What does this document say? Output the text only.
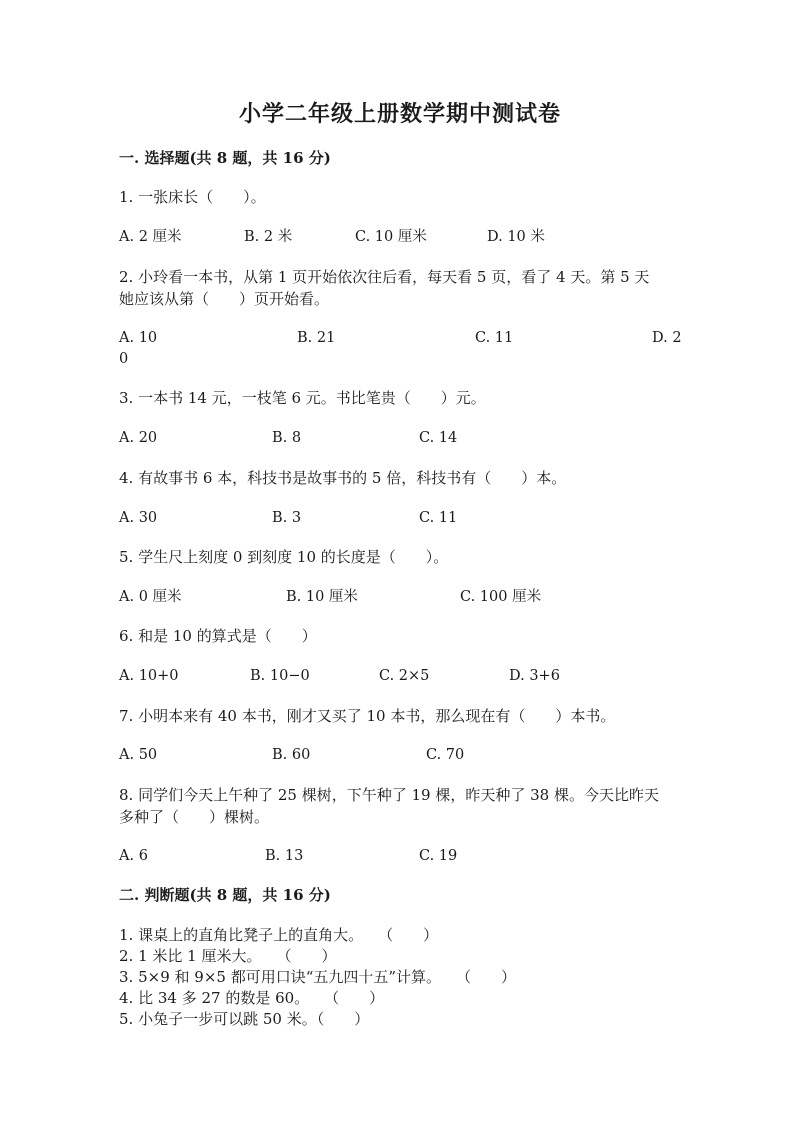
小学二年级上册数学期中测试卷
一. 选择题(共 8 题，共 16 分)
1. 一张床长（　　）。
A. 2 厘米	B. 2 米	C. 10 厘米	D. 10 米
2. 小玲看一本书，从第 1 页开始依次往后看，每天看 5 页，看了 4 天。第 5 天
她应该从第（　　）页开始看。
A. 10	B. 21	C. 11	D. 2
0
3. 一本书 14 元，一枝笔 6 元。书比笔贵（　　）元。
A. 20	B. 8	C. 14
4. 有故事书 6 本，科技书是故事书的 5 倍，科技书有（　　）本。
A. 30	B. 3	C. 11
5. 学生尺上刻度 0 到刻度 10 的长度是（　　）。
A. 0 厘米	B. 10 厘米	C. 100 厘米
6. 和是 10 的算式是（　　）
A. 10+0	B. 10−0	C. 2×5	D. 3+6
7. 小明本来有 40 本书，刚才又买了 10 本书，那么现在有（　　）本书。
A. 50	B. 60	C. 70
8. 同学们今天上午种了 25 棵树，下午种了 19 棵，昨天种了 38 棵。今天比昨天
多种了（　　）棵树。
A. 6	B. 13	C. 19
二. 判断题(共 8 题，共 16 分)
1. 课桌上的直角比凳子上的直角大。　　（　　）
2. 1 米比 1 厘米大。　　（　　）
3. 5×9 和 9×5 都可用口诀“五九四十五”计算。　　（　　）
4. 比 34 多 27 的数是 60。　　（　　）
5. 小兔子一步可以跳 50 米。（　　）
